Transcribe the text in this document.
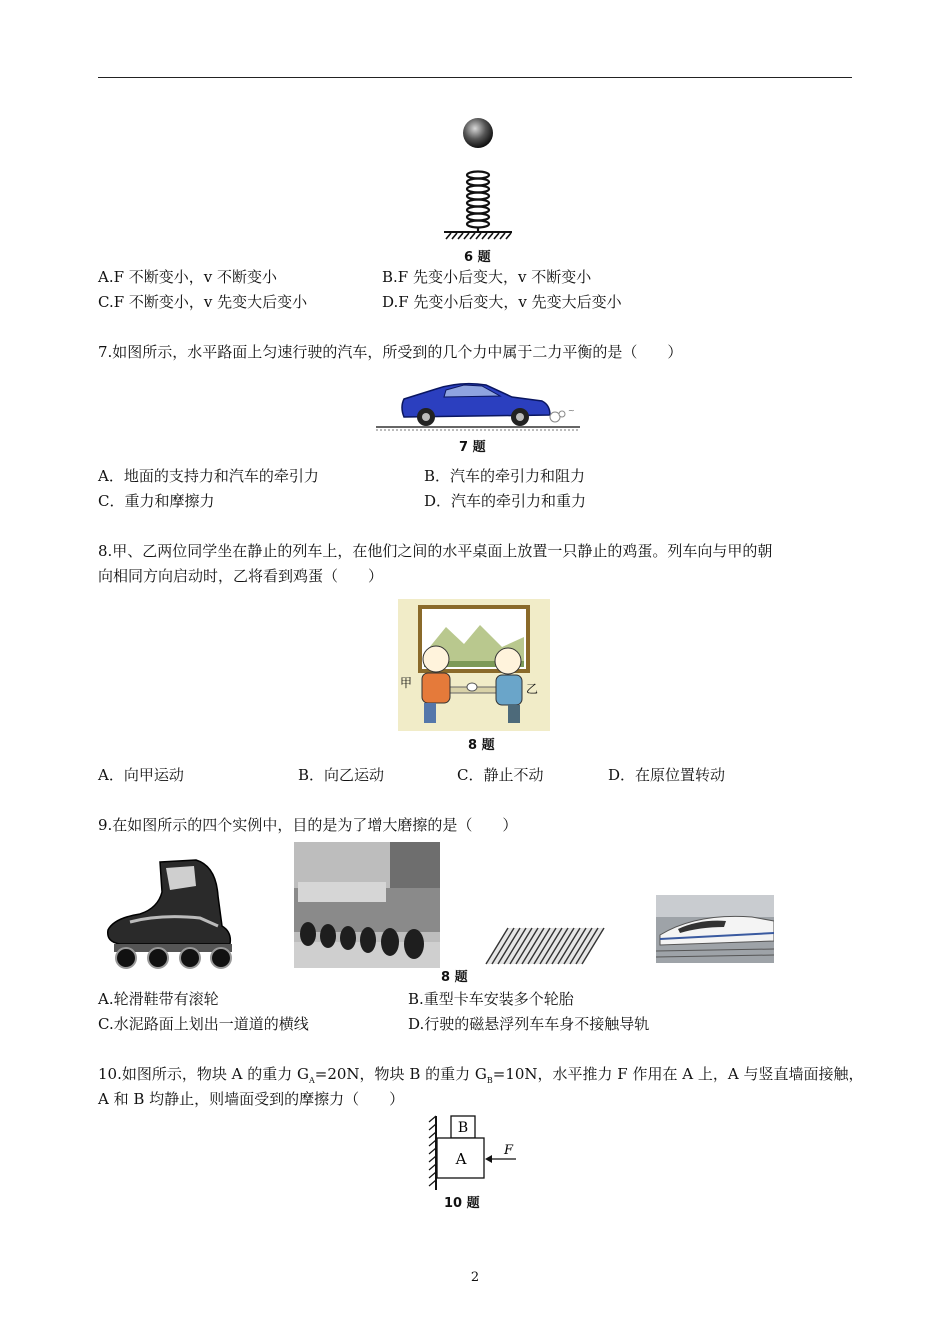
6 题
A.F 不断变小，v 不断变小	B.F 先变小后变大，v 不断变小
C.F 不断变小，v 先变大后变小	D.F 先变小后变大，v 先变大后变小
7.如图所示，水平路面上匀速行驶的汽车，所受到的几个力中属于二力平衡的是（　　）
~
7 题
A．地面的支持力和汽车的牵引力	B．汽车的牵引力和阻力
C．重力和摩擦力	D．汽车的牵引力和重力
8.甲、乙两位同学坐在静止的列车上，在他们之间的水平桌面上放置一只静止的鸡蛋。列车向与甲的朝
向相同方向启动时，乙将看到鸡蛋（　　）
甲	乙
8 题
A．向甲运动	B．向乙运动	C．静止不动	D．在原位置转动
9.在如图所示的四个实例中，目的是为了增大磨擦的是（　　）
8 题
A.轮滑鞋带有滚轮	B.重型卡车安装多个轮胎
C.水泥路面上划出一道道的横线	D.行驶的磁悬浮列车车身不接触导轨
10.如图所示，物块 A 的重力 $G_A=20N$，物块 B 的重力 $G_B=10N$，水平推力 F 作用在 A 上，A 与竖直墙面接触，
A 和 B 均静止，则墙面受到的摩擦力（　　）
B
A	F
10 题
2
